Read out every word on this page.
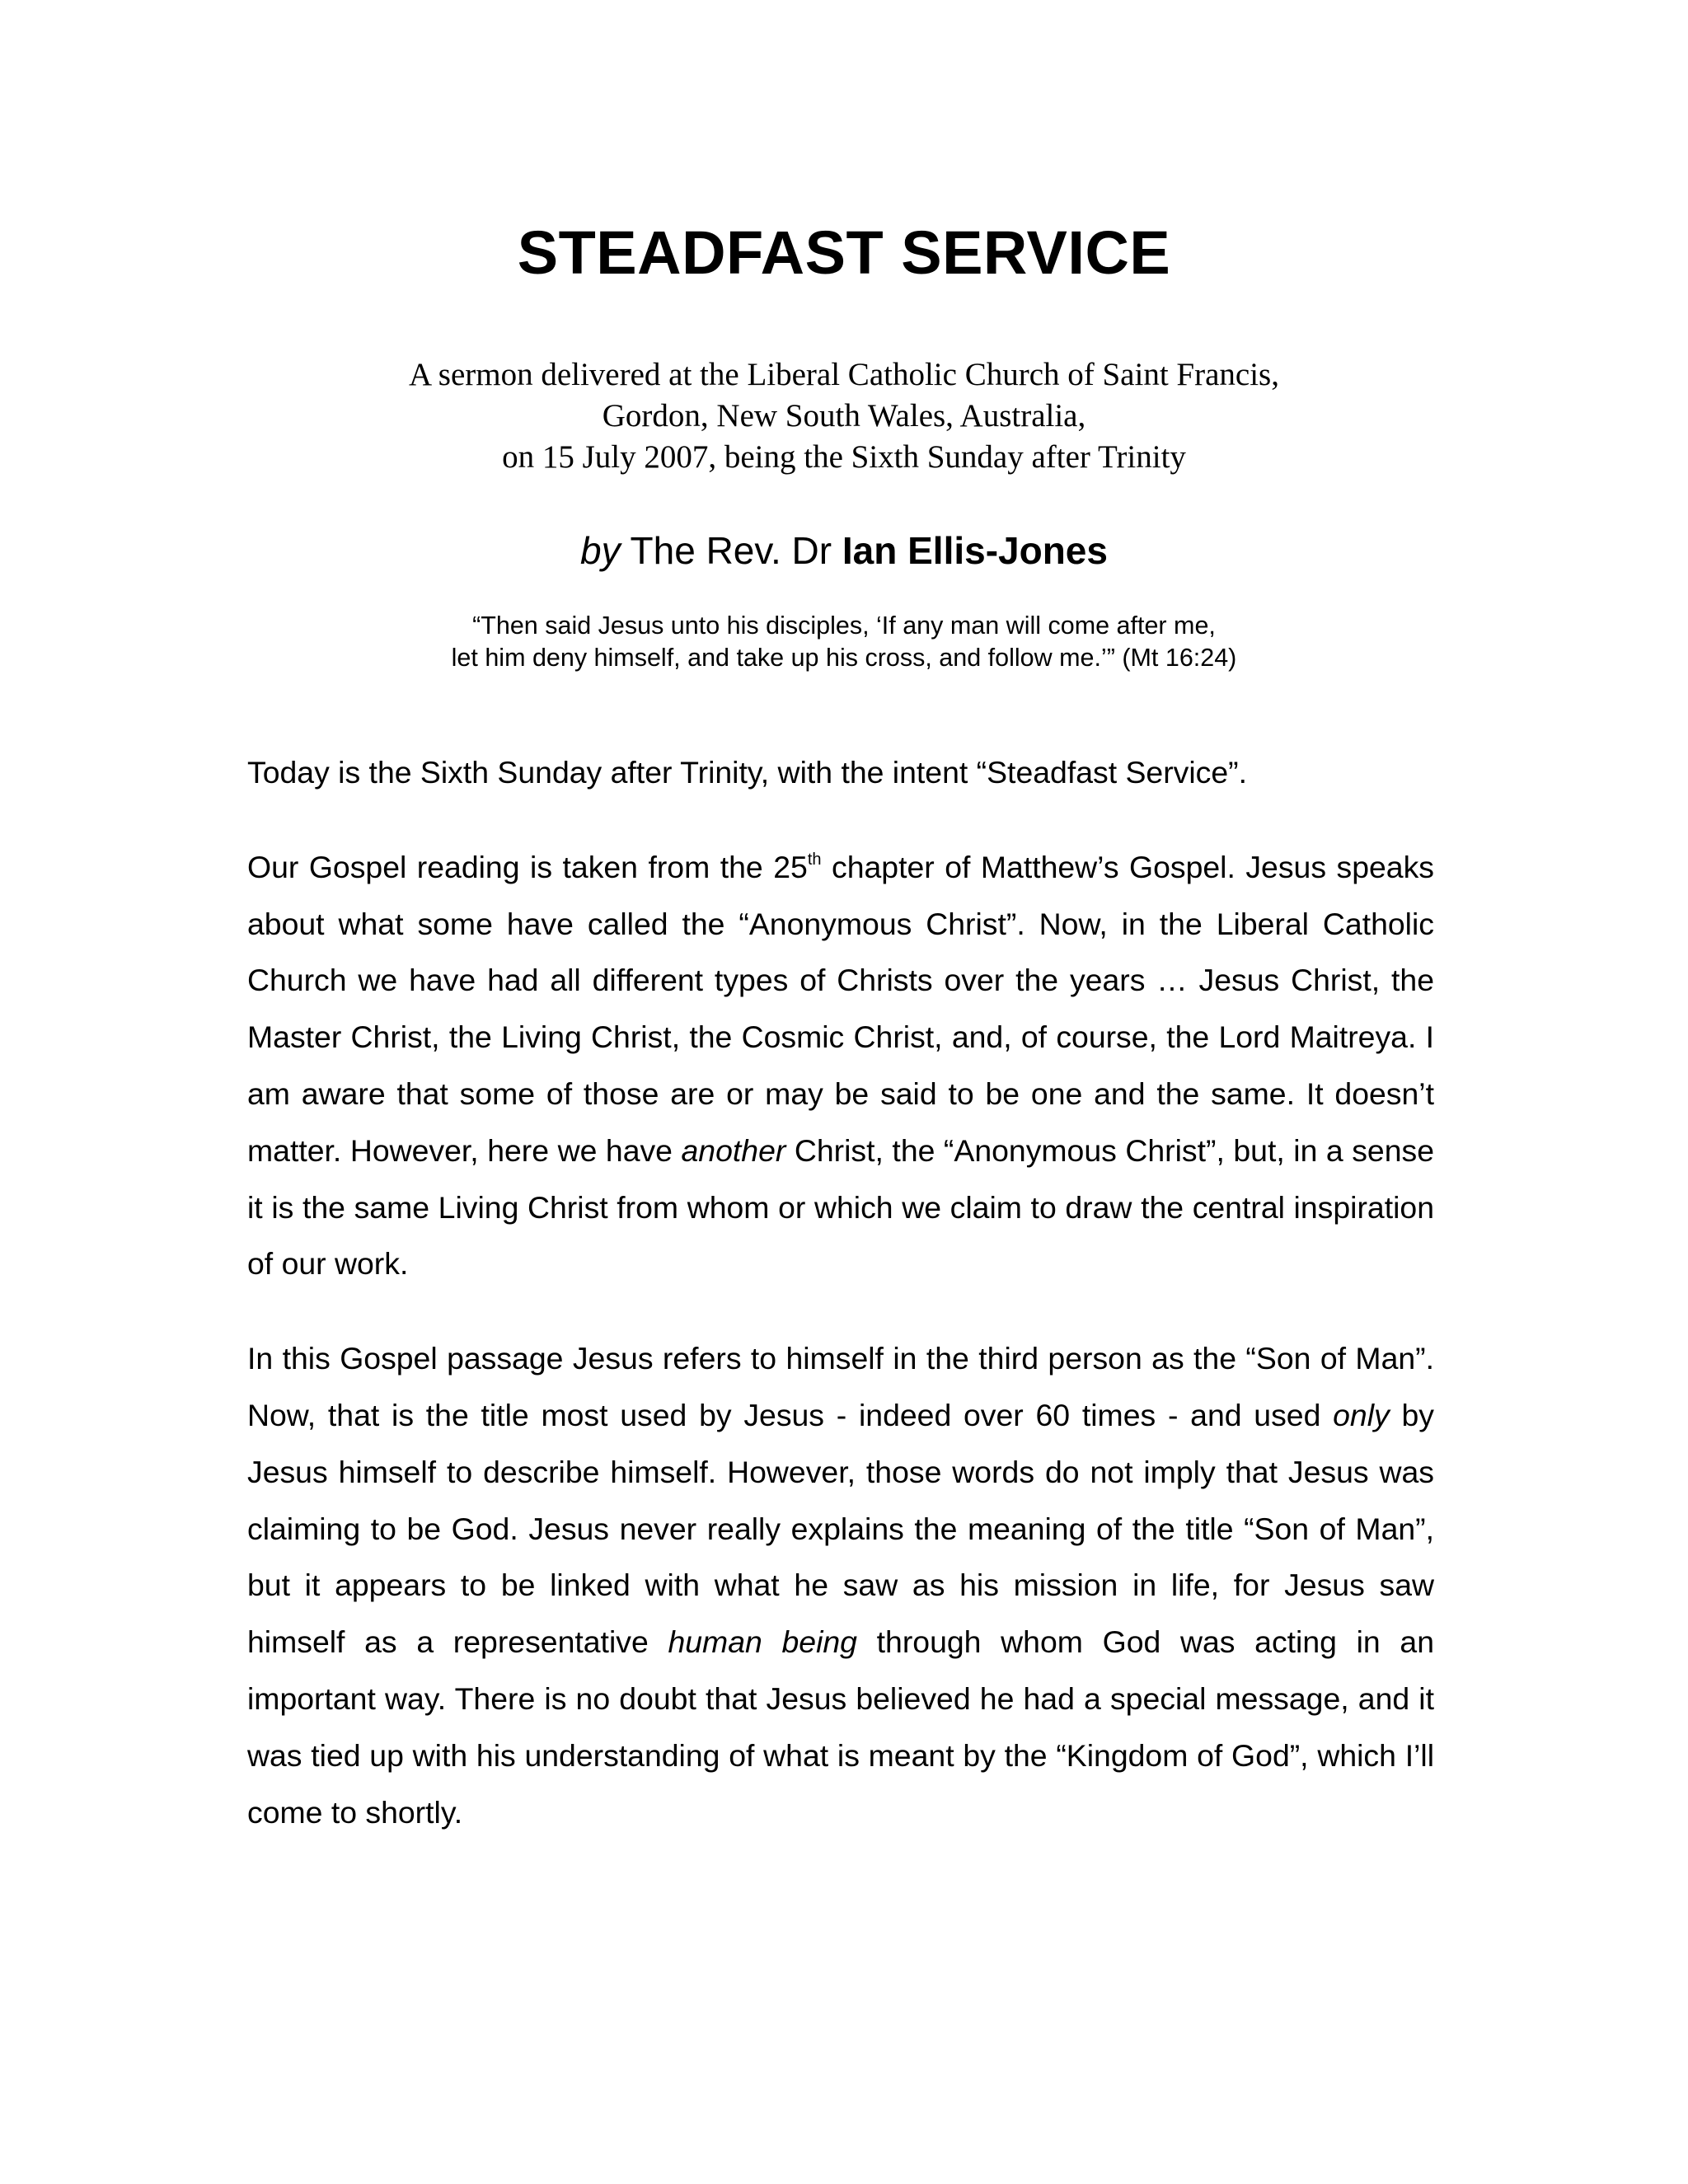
STEADFAST SERVICE
A sermon delivered at the Liberal Catholic Church of Saint Francis,
Gordon, New South Wales, Australia,
on 15 July 2007, being the Sixth Sunday after Trinity
by The Rev. Dr Ian Ellis-Jones
“Then said Jesus unto his disciples, ‘If any man will come after me,
let him deny himself, and take up his cross, and follow me.’” (Mt 16:24)

Today is the Sixth Sunday after Trinity, with the intent “Steadfast Service”.

Our Gospel reading is taken from the 25th chapter of Matthew’s Gospel. Jesus speaks about what some have called the “Anonymous Christ”. Now, in the Liberal Catholic Church we have had all different types of Christs over the years … Jesus Christ, the Master Christ, the Living Christ, the Cosmic Christ, and, of course, the Lord Maitreya. I am aware that some of those are or may be said to be one and the same. It doesn’t matter. However, here we have another Christ, the “Anonymous Christ”, but, in a sense it is the same Living Christ from whom or which we claim to draw the central inspiration of our work.

In this Gospel passage Jesus refers to himself in the third person as the “Son of Man”. Now, that is the title most used by Jesus - indeed over 60 times - and used only by Jesus himself to describe himself. However, those words do not imply that Jesus was claiming to be God. Jesus never really explains the meaning of the title “Son of Man”, but it appears to be linked with what he saw as his mission in life, for Jesus saw himself as a representative human being through whom God was acting in an important way. There is no doubt that Jesus believed he had a special message, and it was tied up with his understanding of what is meant by the “Kingdom of God”, which I’ll come to shortly.
